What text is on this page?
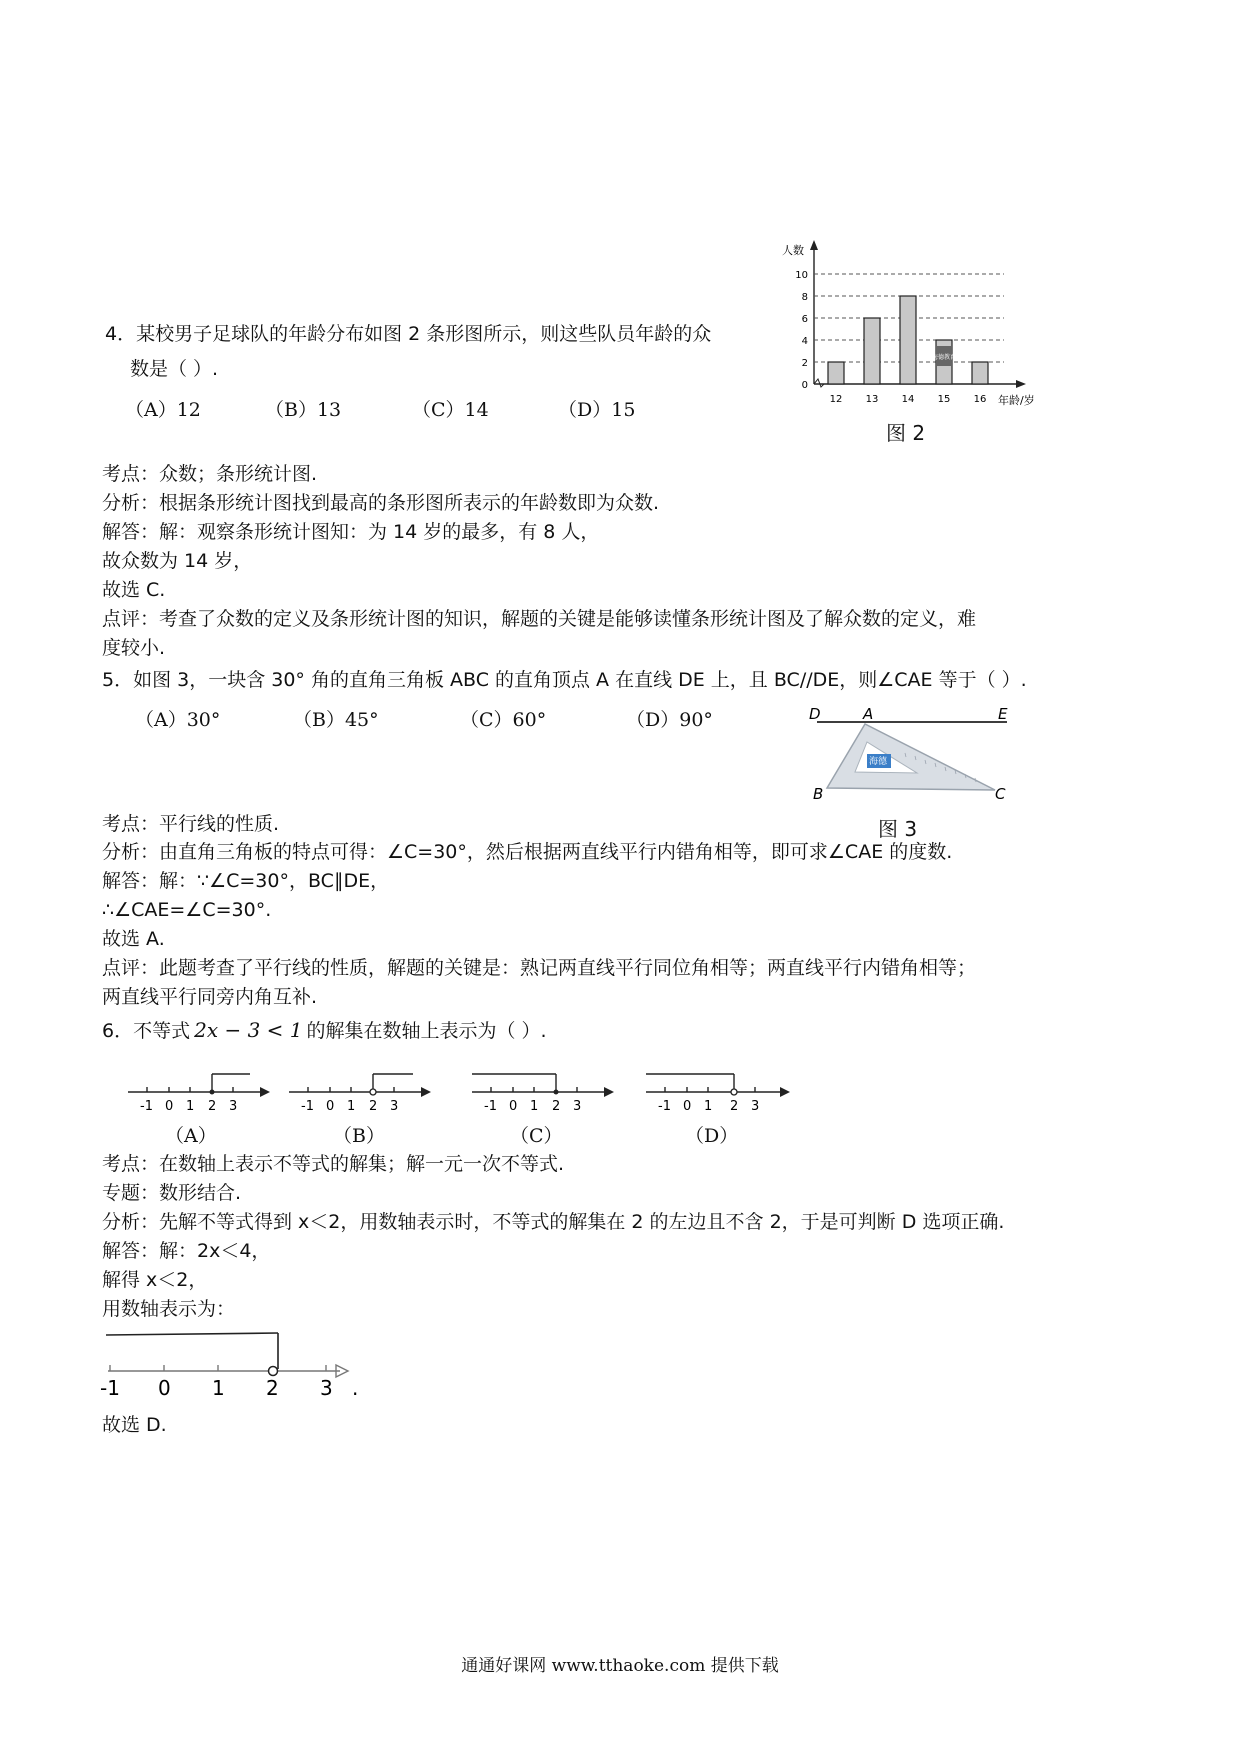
4．某校男子足球队的年龄分布如图 2 条形图所示，则这些队员年龄的众
数是（ ）.
（A）12	（B）13	（C）14	（D）15
0
2
4
6
8
10
人数
年龄/岁
12 13 14 15 16
海德教育
图 2
考点：众数；条形统计图.
分析：根据条形统计图找到最高的条形图所表示的年龄数即为众数.
解答：解：观察条形统计图知：为 14 岁的最多，有 8 人，
故众数为 14 岁，
故选 C.
点评：考查了众数的定义及条形统计图的知识，解题的关键是能够读懂条形统计图及了解众数的定义，难
度较小.
5．如图 3，一块含 30° 角的直角三角板 ABC 的直角顶点 A 在直线 DE 上，且 BC//DE，则∠CAE 等于（ ）.
（A）30°	（B）45°	（C）60°	（D）90°
海德
D	A	E
B	C
图 3
考点：平行线的性质.
分析：由直角三角板的特点可得：∠C=30°，然后根据两直线平行内错角相等，即可求∠CAE 的度数.
解答：解：∵∠C=30°，BC∥DE，
∴∠CAE=∠C=30°.
故选 A.
点评：此题考查了平行线的性质，解题的关键是：熟记两直线平行同位角相等；两直线平行内错角相等；
两直线平行同旁内角互补.
6．不等式 2x − 3 < 1 的解集在数轴上表示为（ ）.
-1 0 1 2 3	-1 0 1 2 3	-1 0 1 2 3	-1 0 1 2 3
（A）	（B）	（C）	（D）
考点：在数轴上表示不等式的解集；解一元一次不等式.
专题：数形结合.
分析：先解不等式得到 x＜2，用数轴表示时，不等式的解集在 2 的左边且不含 2，于是可判断 D 选项正确.
解答：解：2x＜4，
解得 x＜2，
用数轴表示为：
-1 0 1 2 3 .
故选 D.
通通好课网 www.tthaoke.com 提供下载
